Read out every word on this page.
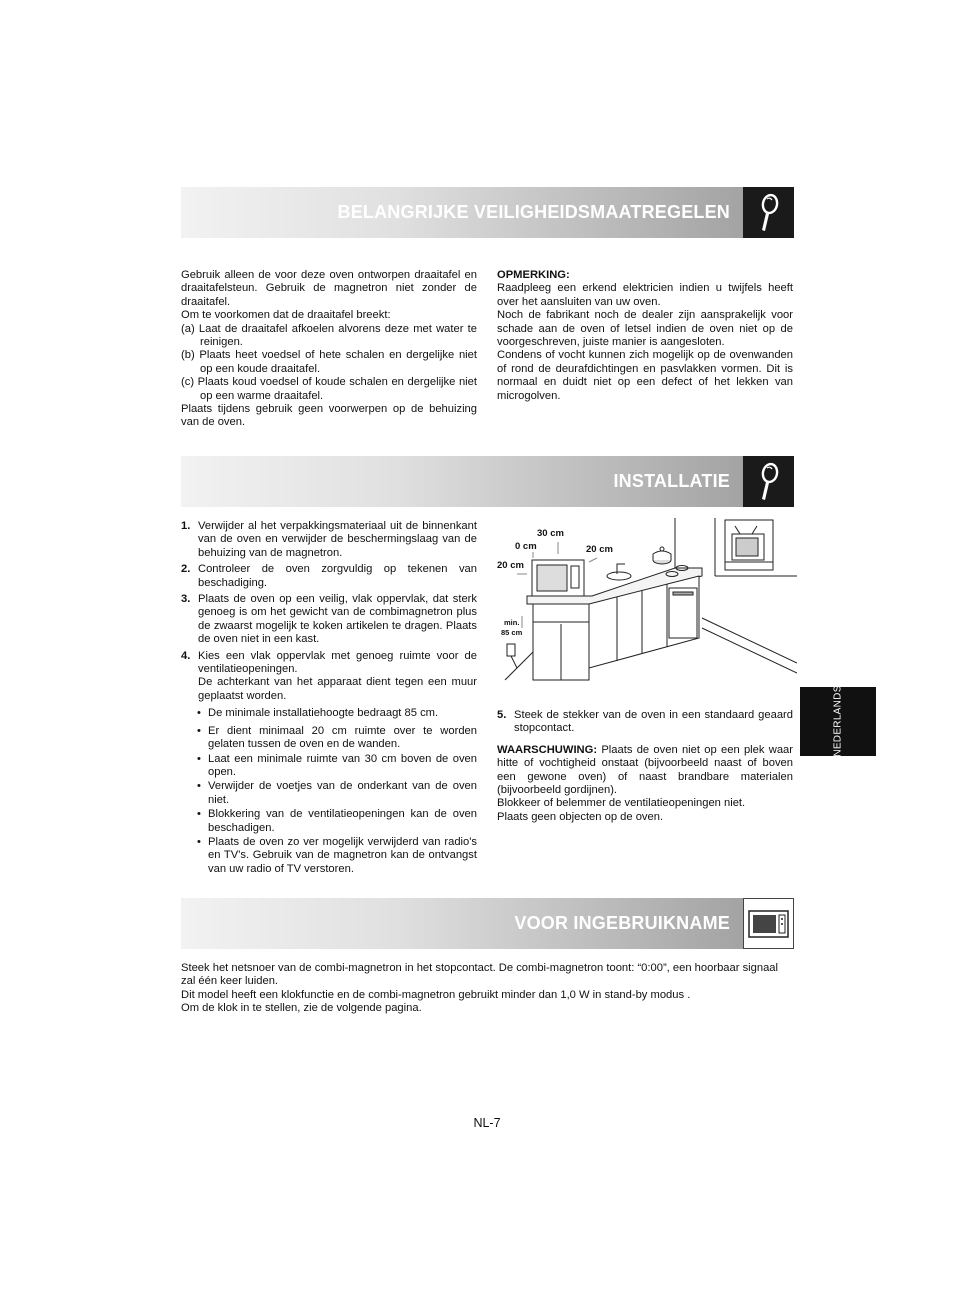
BELANGRIJKE VEILIGHEIDSMAATREGELEN

Gebruik alleen de voor deze oven ontworpen draaitafel en draaitafelsteun. Gebruik de magnetron niet zonder de draaitafel.

Om te voorkomen dat de draaitafel breekt:

(a) Laat de draaitafel afkoelen alvorens deze met water te reinigen.

(b) Plaats heet voedsel of hete schalen en dergelijke niet op een koude draaitafel.

(c) Plaats koud voedsel of koude schalen en dergelijke niet op een warme draaitafel.

Plaats tijdens gebruik geen voorwerpen op de behuizing van de oven.

OPMERKING:

Raadpleeg een erkend elektricien indien u twijfels heeft over het aansluiten van uw oven.

Noch de fabrikant noch de dealer zijn aansprakelijk voor schade aan de oven of letsel indien de oven niet op de voorgeschreven, juiste manier is aangesloten.

Condens of vocht kunnen zich mogelijk op de ovenwanden of rond de deurafdichtingen en pasvlakken vormen. Dit is normaal en duidt niet op een defect of het lekken van microgolven.

INSTALLATIE
1. Verwijder al het verpakkingsmateriaal uit de binnenkant van de oven en verwijder de beschermingslaag van de behuizing van de magnetron.
2. Controleer de oven zorgvuldig op tekenen van beschadiging.
3. Plaats de oven op een veilig, vlak oppervlak, dat sterk genoeg is om het gewicht van de combimagnetron plus de zwaarst mogelijk te koken artikelen te dragen. Plaats de oven niet in een kast.
4. Kies een vlak oppervlak met genoeg ruimte voor de ventilatieopeningen.
De achterkant van het apparaat dient tegen een muur geplaatst worden.
• De minimale installatiehoogte bedraagt 85 cm.
• Er dient minimaal 20 cm ruimte over te worden gelaten tussen de oven en de wanden.
• Laat een minimale ruimte van 30 cm boven de oven open.
• Verwijder de voetjes van de onderkant van de oven niet.
• Blokkering van de ventilatieopeningen kan de oven beschadigen.
• Plaats de oven zo ver mogelijk verwijderd van radio's en TV's. Gebruik van de magnetron kan de ontvangst van uw radio of TV verstoren.
30 cm
0 cm	20 cm
20 cm
min.
85 cm
5. Steek de stekker van de oven in een standaard geaard stopcontact.

WAARSCHUWING: Plaats de oven niet op een plek waar hitte of vochtigheid onstaat (bijvoorbeeld naast of boven een gewone oven) of naast brandbare materialen (bijvoorbeeld gordijnen).

Blokkeer of belemmer de ventilatieopeningen niet.

Plaats geen objecten op de oven.

NEDERLANDS
VOOR INGEBRUIKNAME

Steek het netsnoer van de combi-magnetron in het stopcontact. De combi-magnetron toont: “0:00”, een hoorbaar signaal zal één keer luiden.

Dit model heeft een klokfunctie en de combi-magnetron gebruikt minder dan 1,0 W in stand-by modus .

Om de klok in te stellen, zie de volgende pagina.

NL-7
